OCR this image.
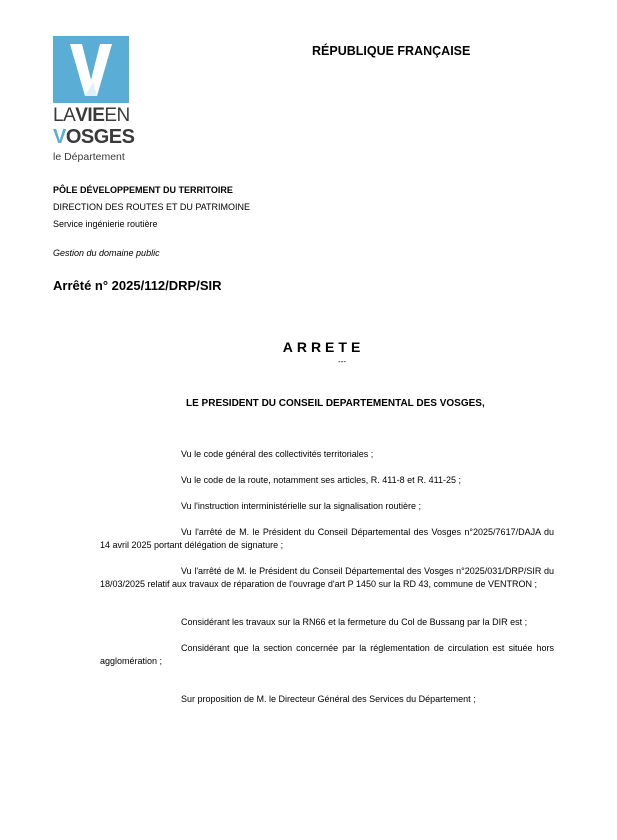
LAVIEEN
VOSGES
le Département
RÉPUBLIQUE FRANÇAISE
PÔLE DÉVELOPPEMENT DU TERRITOIRE
DIRECTION DES ROUTES ET DU PATRIMOINE
Service ingénierie routière
Gestion du domaine public
Arrêté n° 2025/112/DRP/SIR
ARRETE
---
LE PRESIDENT DU CONSEIL DEPARTEMENTAL DES VOSGES,
Vu le code général des collectivités territoriales ;
Vu le code de la route, notamment ses articles, R. 411-8 et R. 411-25 ;
Vu l'instruction interministérielle sur la signalisation routière ;
Vu l'arrêté de M. le Président du Conseil Départemental des Vosges n°2025/7617/DAJA du 14 avril 2025 portant délégation de signature ;
Vu l'arrêté de M. le Président du Conseil Départemental des Vosges n°2025/031/DRP/SIR du 18/03/2025 relatif aux travaux de réparation de l'ouvrage d'art P 1450 sur la RD 43, commune de VENTRON ;
Considérant les travaux sur la RN66 et la fermeture du Col de Bussang par la DIR est ;
Considérant que la section concernée par la réglementation de circulation est située hors agglomération ;
Sur proposition de M. le Directeur Général des Services du Département ;
